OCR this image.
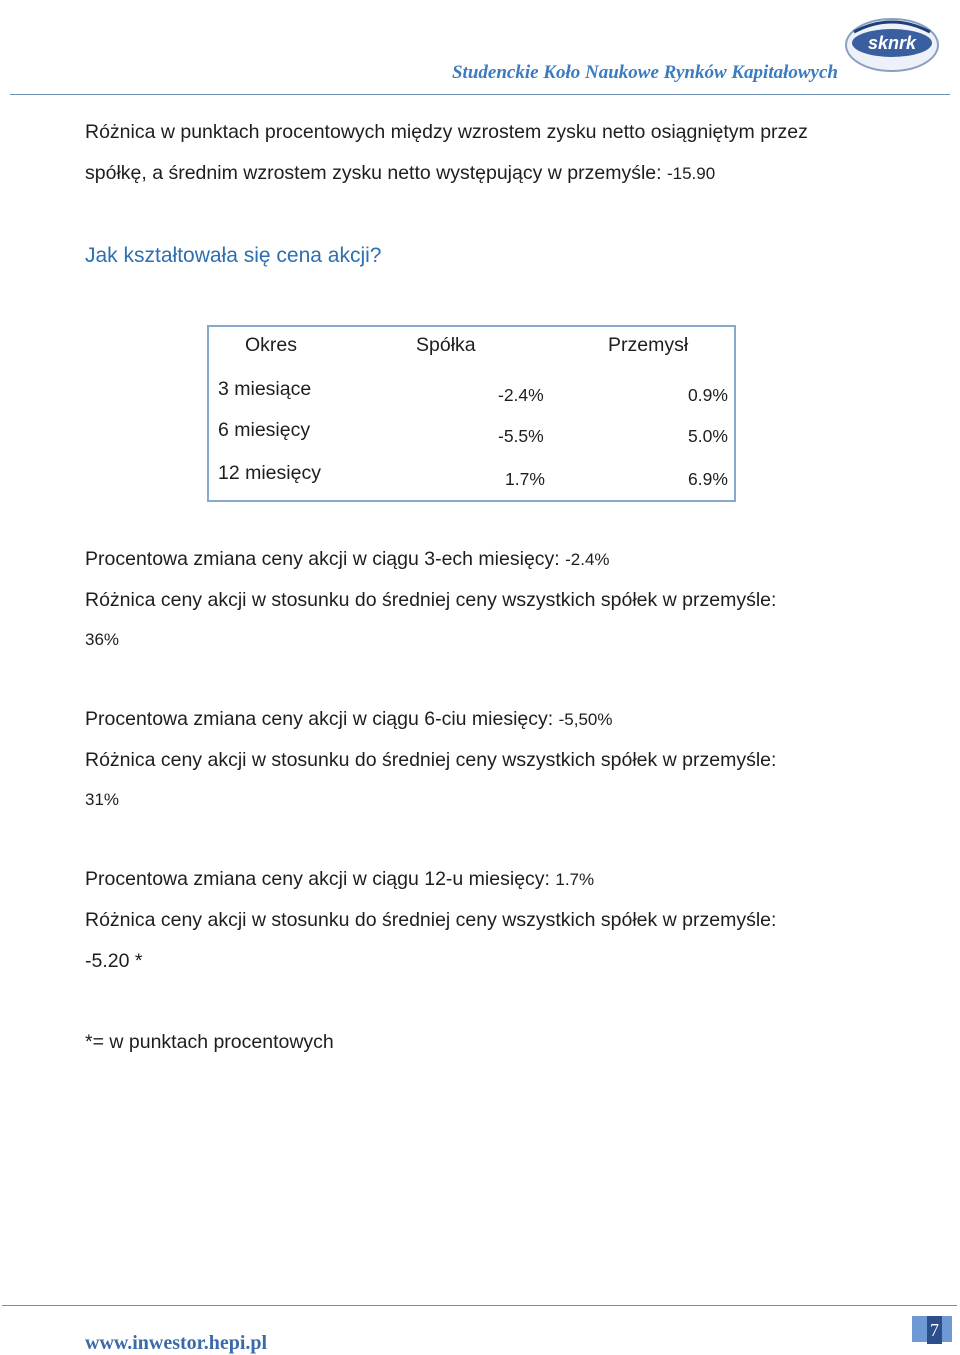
Studenckie Koło Naukowe Rynków Kapitałowych
sknrk
Różnica w punktach procentowych między wzrostem zysku netto osiągniętym przez
spółkę, a średnim wzrostem zysku netto występujący w przemyśle: -15.90
Jak kształtowała się cena akcji?
Okres	Spółka	Przemysł
3 miesiące	-2.4%	0.9%
6 miesięcy	-5.5%	5.0%
12 miesięcy	1.7%	6.9%
Procentowa zmiana ceny akcji w ciągu 3-ech miesięcy: -2.4%
Różnica ceny akcji w stosunku do średniej ceny wszystkich spółek w przemyśle:
36%
Procentowa zmiana ceny akcji w ciągu 6-ciu miesięcy: -5,50%
Różnica ceny akcji w stosunku do średniej ceny wszystkich spółek w przemyśle:
31%
Procentowa zmiana ceny akcji w ciągu 12-u miesięcy: 1.7%
Różnica ceny akcji w stosunku do średniej ceny wszystkich spółek w przemyśle:
-5.20 *
*= w punktach procentowych
www.inwestor.hepi.pl
7
